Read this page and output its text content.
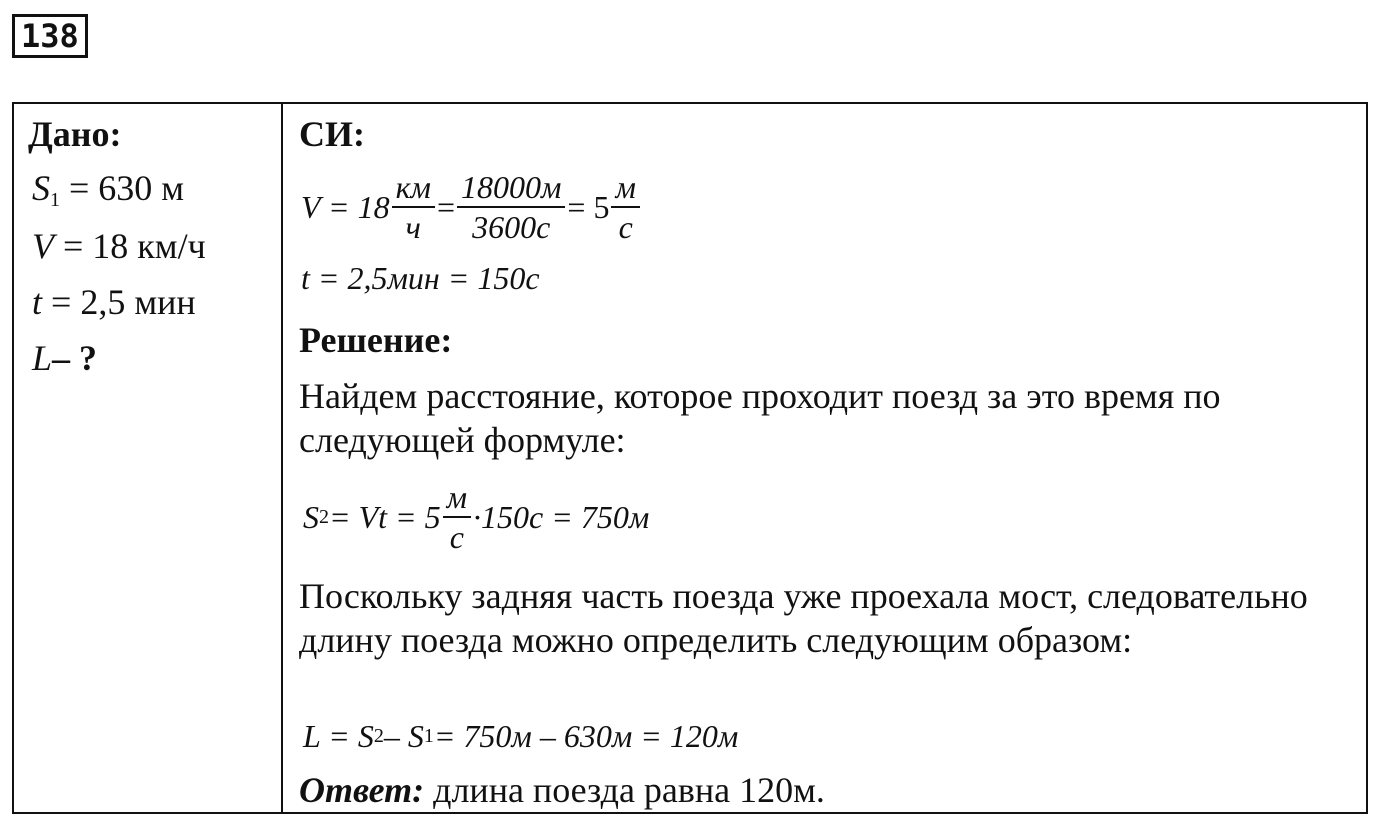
138
Дано:
$S_1 = 630$ м
V = 18 км/ч
t = 2,5 мин
L– ?
СИ:
$V = 18 \frac{км}{ч} = \frac{18000м}{3600с} = 5 \frac{м}{с}$
t = 2,5мин = 150с
Решение:
Найдем расстояние, которое проходит поезд за это время по следующей формуле:
S $2 = Vt = 5 \frac{м}{с} \cdot 150с = 750м$
Поскольку задняя часть поезда уже проехала мост, следовательно длину поезда можно определить следующим образом:
L = S 2 – S 1 = 750м – 630м = 120м
Ответ: длина поезда равна 120м.
